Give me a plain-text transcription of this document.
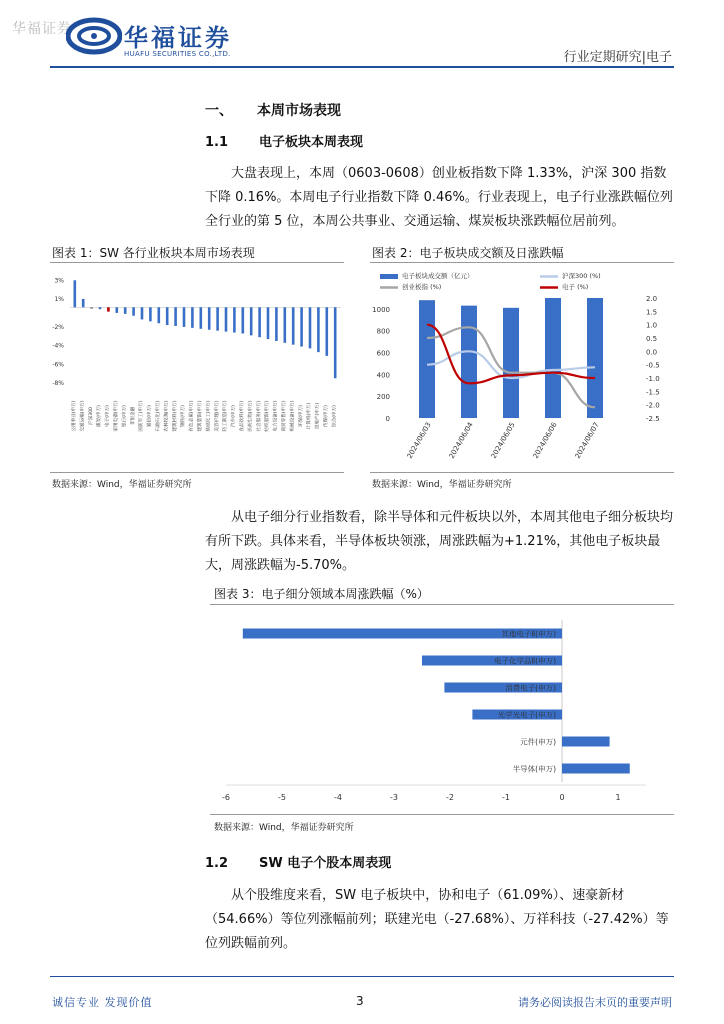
华福证券 华福证券
HUAFU SECURITIES CO.,LTD.	行业定期研究|电子
一、 本周市场表现
1.1 电子板块本周表现
大盘表现上，本周（0603-0608）创业板指数下降 1.33%，沪深 300 指数下降 0.16%。本周电子行业指数下降 0.46%。行业表现上，电子行业涨跌幅位列全行业的第 5 位，本周公共事业、交通运输、煤炭板块涨跌幅位居前列。
图表 1：SW 各行业板块本周市场表现
3%
1%
-2%
-4%
-6%
-8%
公用事业(申万) 交通运输(申万) 沪深300 煤炭(申万) 电子(申万) 家用电器(申万) 银行(申万) 非银金融 国防军工(申万) 通信(申万) 石油石化(申万) 农林牧渔(申万) 建筑材料(申万) 钢铁(申万) 有色金属(申万) 建筑装饰(申万) 基础化工(申万) 美容护理(申万) 轻工制造(申万) 汽车(申万) 食品饮料(申万) 医药生物(申万) 社会服务(申万) 纺织服饰(申万) 电力设备(申万) 商贸零售(申万) 机械设备(申万) 环保(申万) 计算机(申万) 房地产(申万) 传媒(申万) 综合(申万)
数据来源：Wind，华福证券研究所
图表 2：电子板块成交额及日涨跌幅
电子板块成交额（亿元）	沪深300 (%)
创业板指 (%)	电子 (%)
0
200
400
600
800
1000
2.0
1.5
1.0
0.5
0.0
-0.5
-1.0
-1.5
-2.0
-2.5
2024/06/03 2024/06/04 2024/06/05 2024/06/06 2024/06/07
数据来源：Wind，华福证券研究所
从电子细分行业指数看，除半导体和元件板块以外，本周其他电子细分板块均有所下跌。具体来看，半导体板块领涨，周涨跌幅为+1.21%，其他电子板块最大，周涨跌幅为-5.70%。
图表 3：电子细分领域本周涨跌幅（%）
其他电子Ⅱ(申万)
电子化学品Ⅱ(申万)
消费电子(申万)
光学光电子(申万)
元件(申万)
半导体(申万)
-6	-5	-4	-3	-2	-1	0	1
数据来源：Wind，华福证券研究所
1.2 SW 电子个股本周表现
从个股维度来看，SW 电子板块中，协和电子（61.09%）、速豪新材（54.66%）等位列涨幅前列；联建光电（-27.68%）、万祥科技（-27.42%）等位列跌幅前列。
诚信专业 发现价值	3	请务必阅读报告末页的重要声明
